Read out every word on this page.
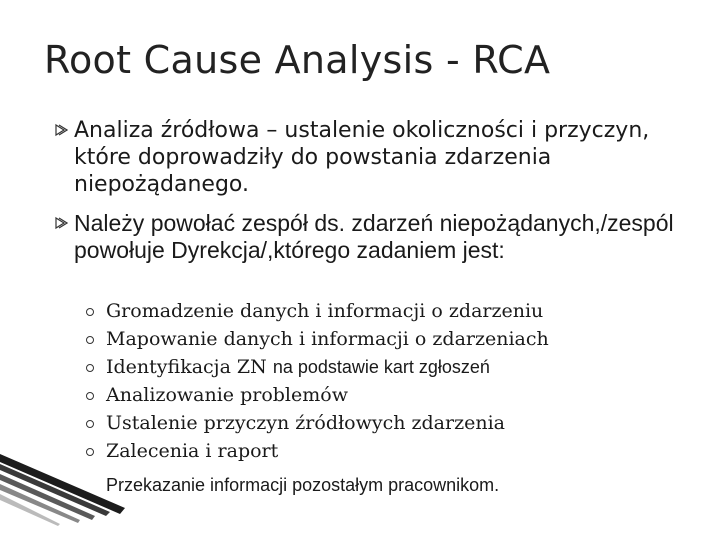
Root Cause Analysis - RCA
Analiza źródłowa – ustalenie okoliczności i przyczyn, które doprowadziły do powstania zdarzenia niepożądanego.
Należy powołać zespół ds. zdarzeń niepożądanych,/zespól powołuje Dyrekcja/,którego zadaniem jest:
Gromadzenie danych i informacji o zdarzeniu
Mapowanie danych i informacji o zdarzeniach
Identyfikacja ZN na podstawie kart zgłoszeń
Analizowanie problemów
Ustalenie przyczyn źródłowych zdarzenia
Zalecenia i raport
Przekazanie informacji pozostałym pracownikom.
